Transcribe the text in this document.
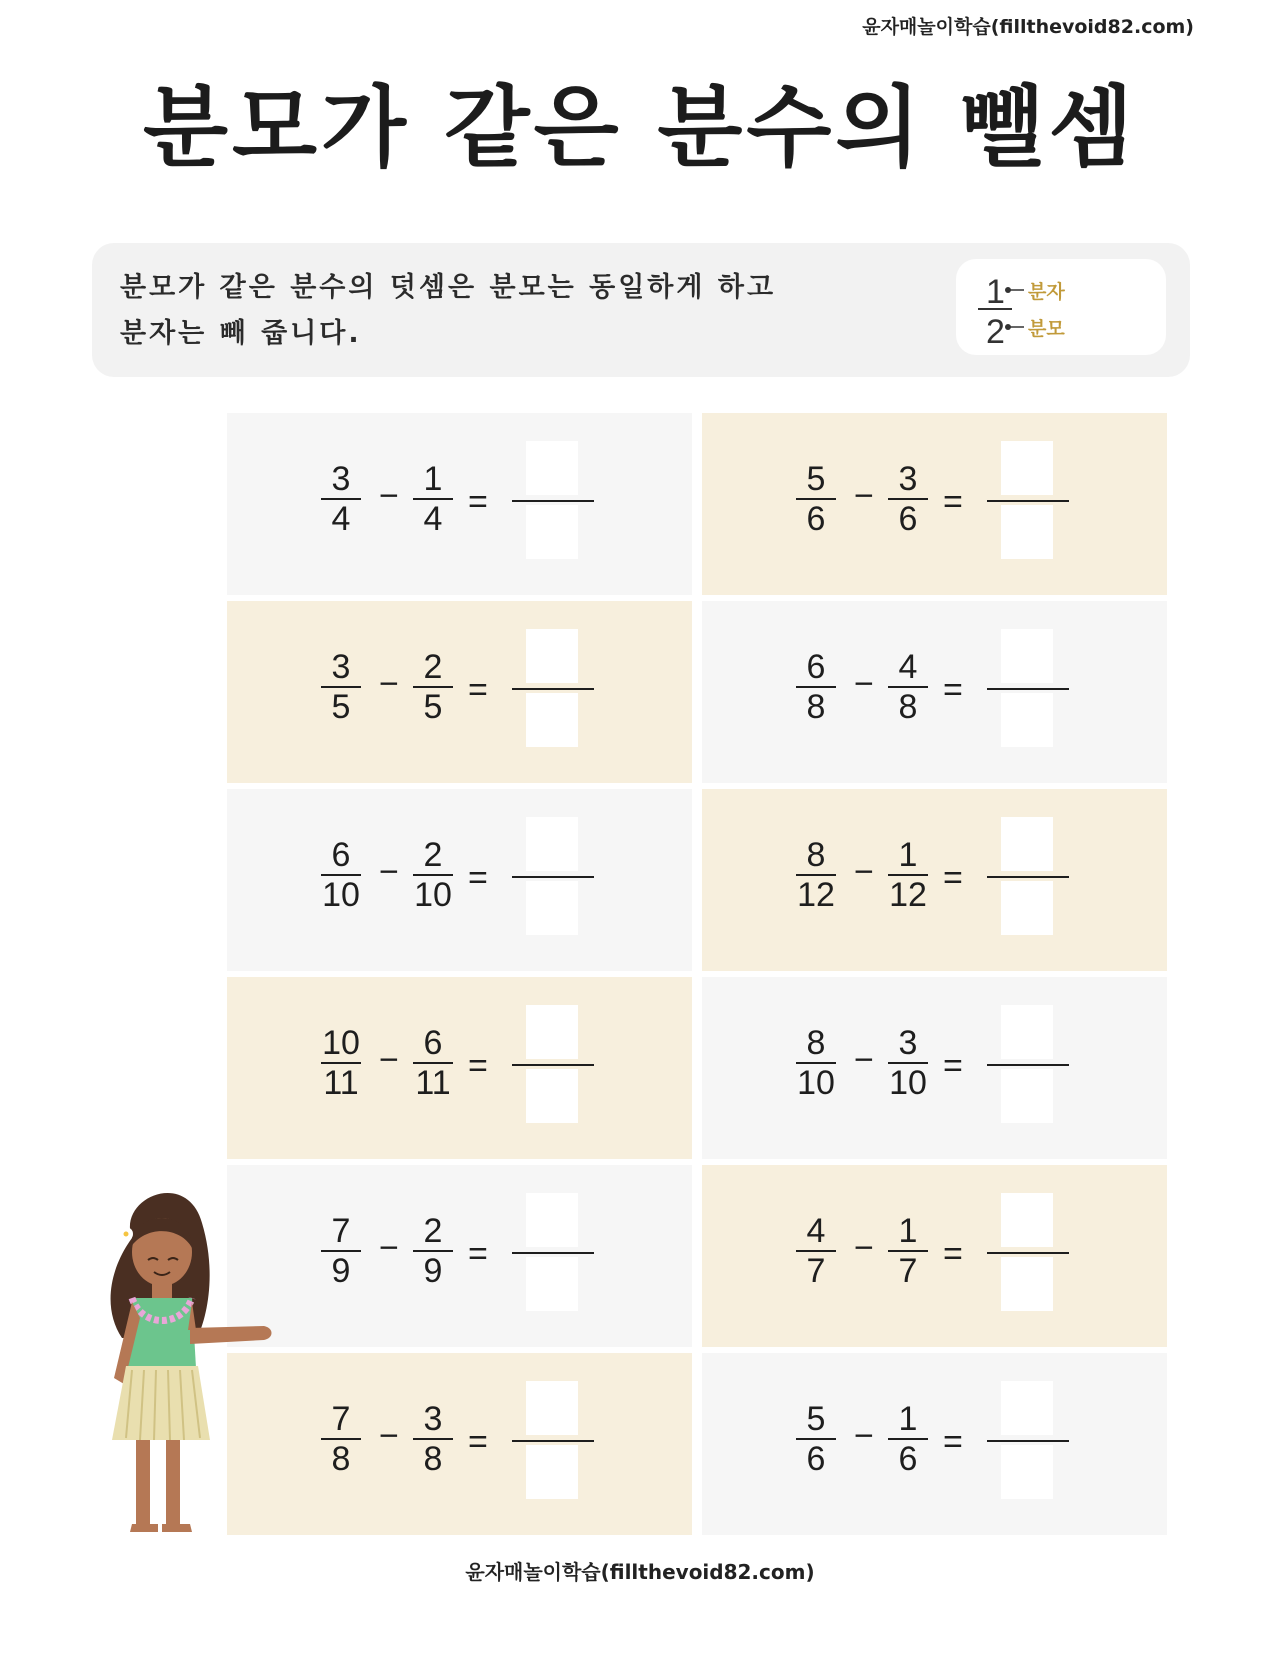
윤자매놀이학습(fillthevoid82.com)
분모가 같은 분수의 뺄셈
분모가 같은 분수의 덧셈은 분모는 동일하게 하고
분자는 빼 줍니다.
1
2
분자
분모
3
4
− 1
4 =
5
6
− 3
6 =
3
5
− 2
5 =
6
8
− 4
8 =
6
10
− 2
10 =
8
12
− 1
12 =
10
11
− 6
11 =
8
10
− 3
10 =
7
9
− 2
9 =
4
7
− 1
7 =
7
8
− 3
8 =
5
6
− 1
6 =
윤자매놀이학습(fillthevoid82.com)
